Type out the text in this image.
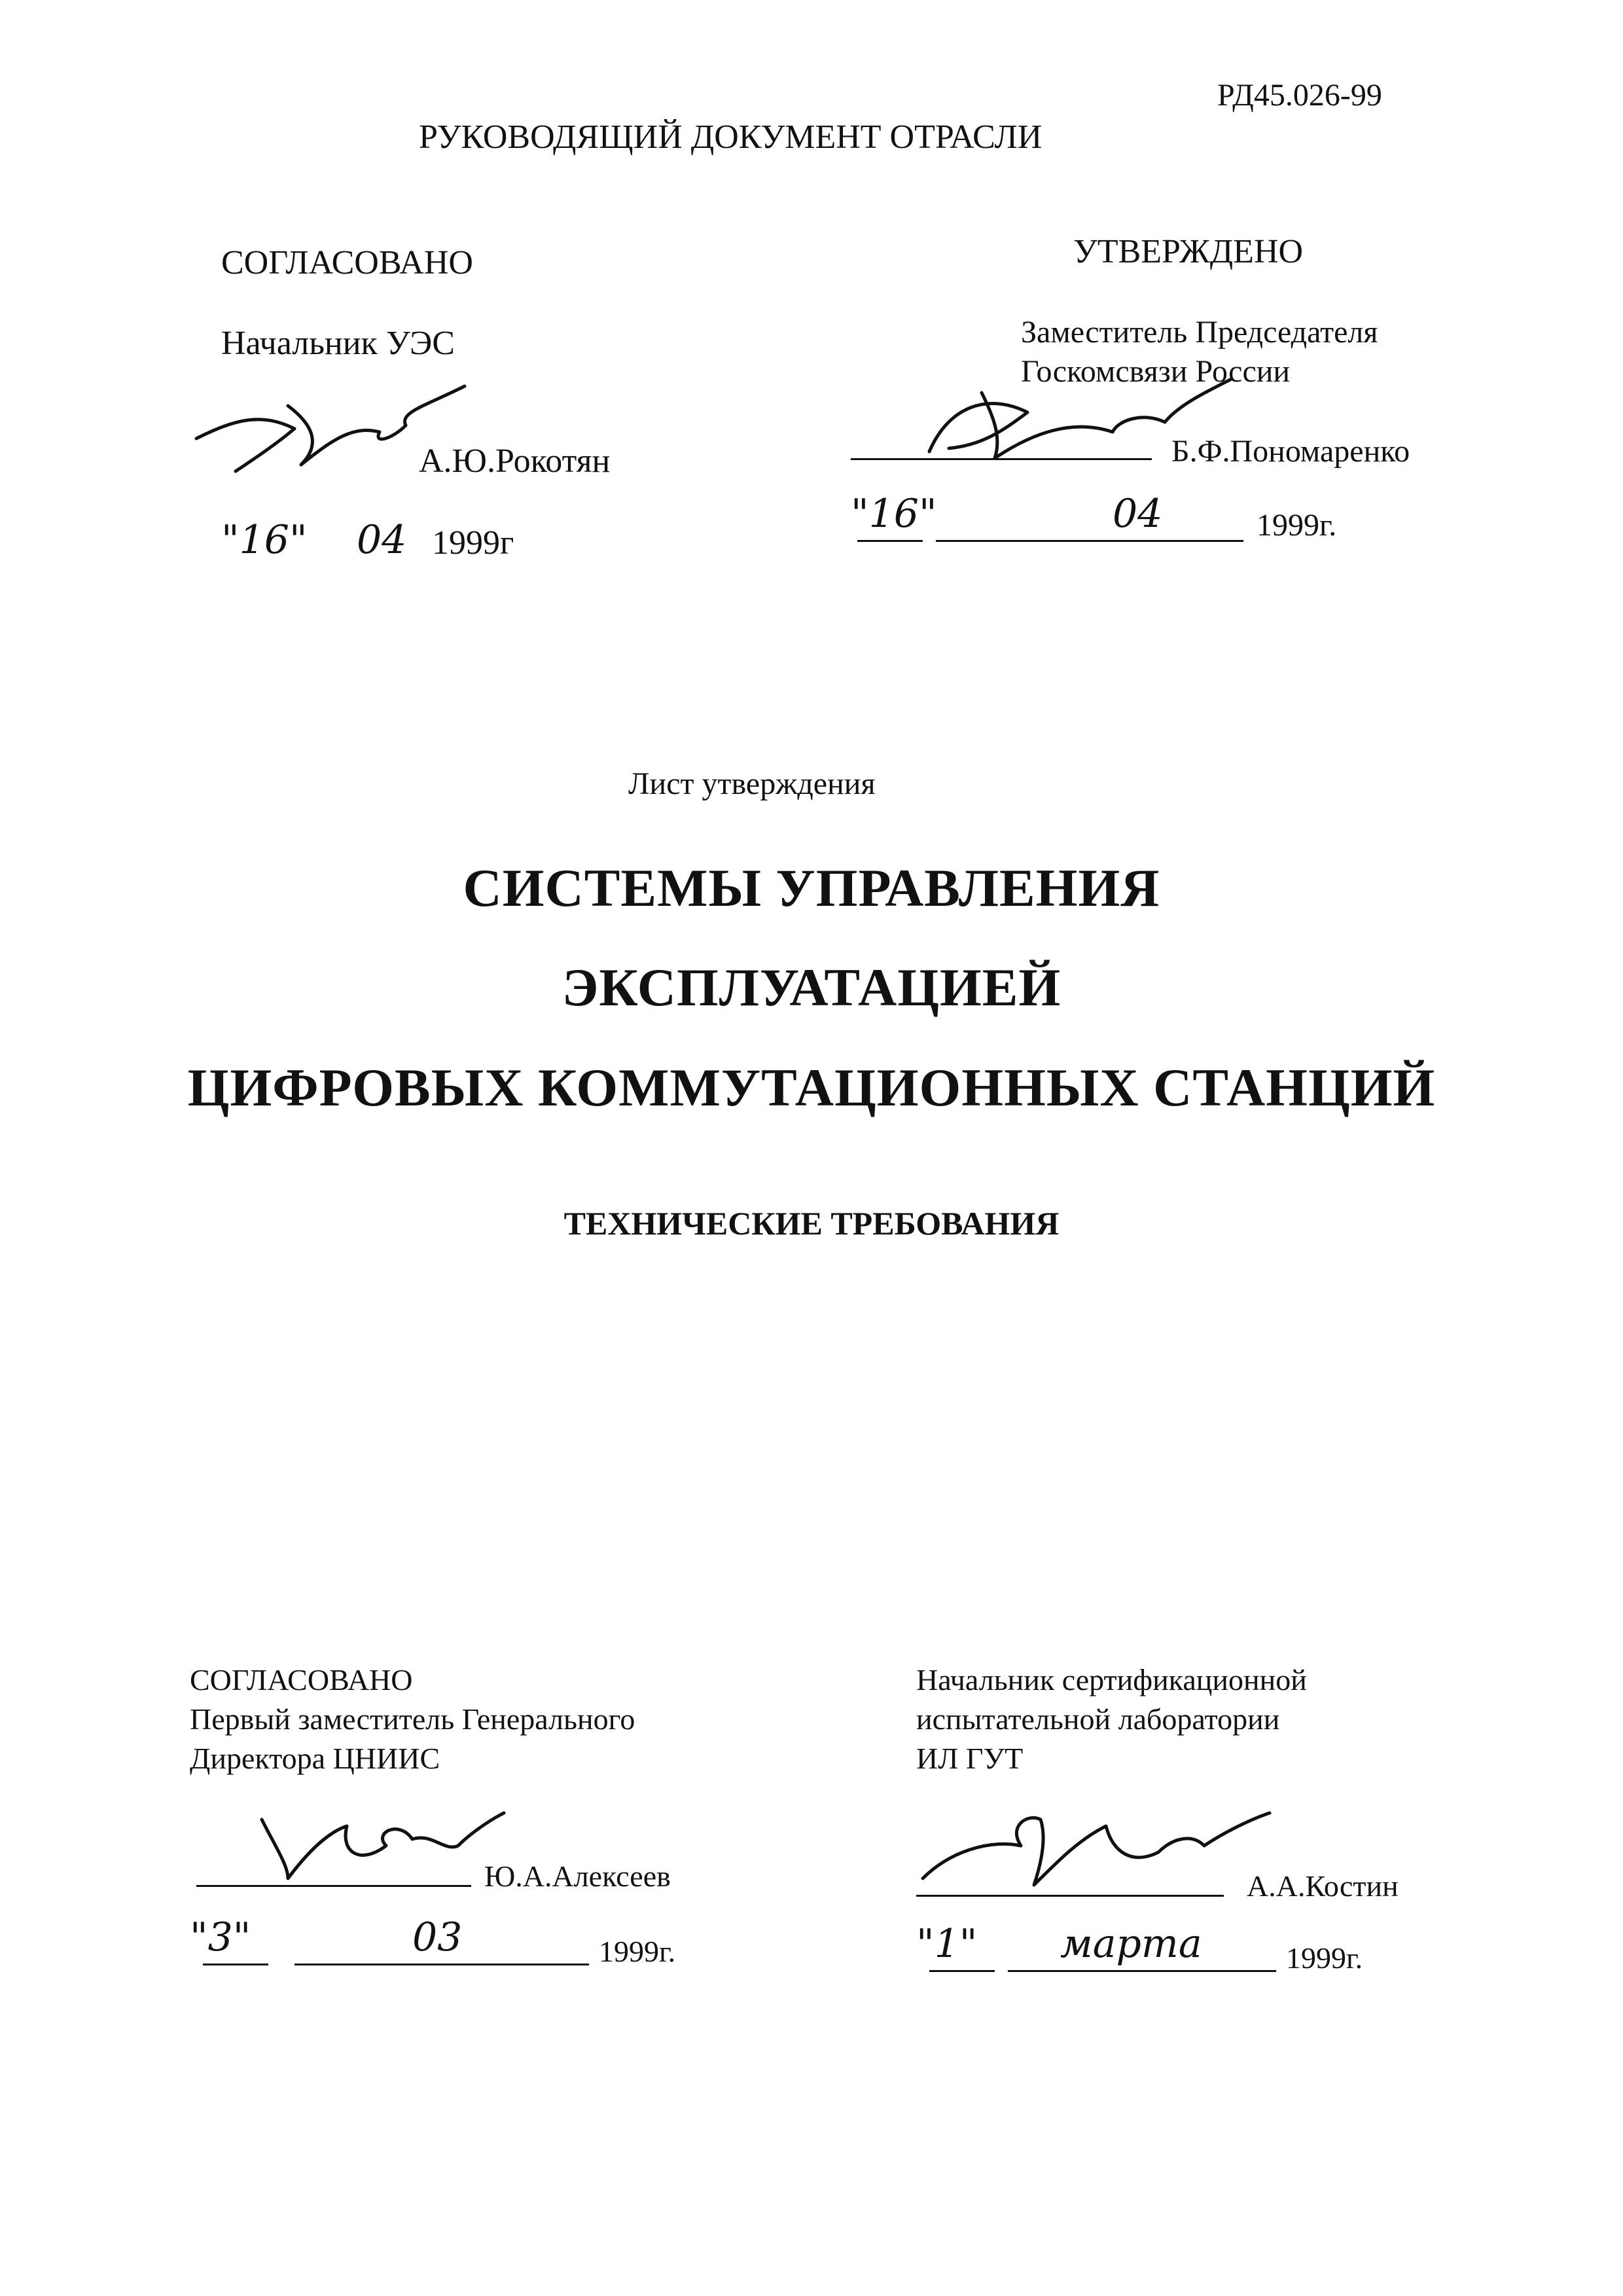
РД45.026-99
РУКОВОДЯЩИЙ ДОКУМЕНТ ОТРАСЛИ
СОГЛАСОВАНО
Начальник УЭС
А.Ю.Рокотян
"16" 04 1999г
УТВЕРЖДЕНО
Заместитель Председателя
Госкомсвязи России
Б.Ф.Пономаренко
"16"	04	1999г.
Лист утверждения
СИСТЕМЫ УПРАВЛЕНИЯ
ЭКСПЛУАТАЦИЕЙ
ЦИФРОВЫХ КОММУТАЦИОННЫХ СТАНЦИЙ
ТЕХНИЧЕСКИЕ ТРЕБОВАНИЯ
СОГЛАСОВАНО
Первый заместитель Генерального
Директора ЦНИИС
Ю.А.Алексеев
"3"	03	1999г.
Начальник сертификационной
испытательной лаборатории
ИЛ ГУТ
А.А.Костин
"1" марта	1999г.
